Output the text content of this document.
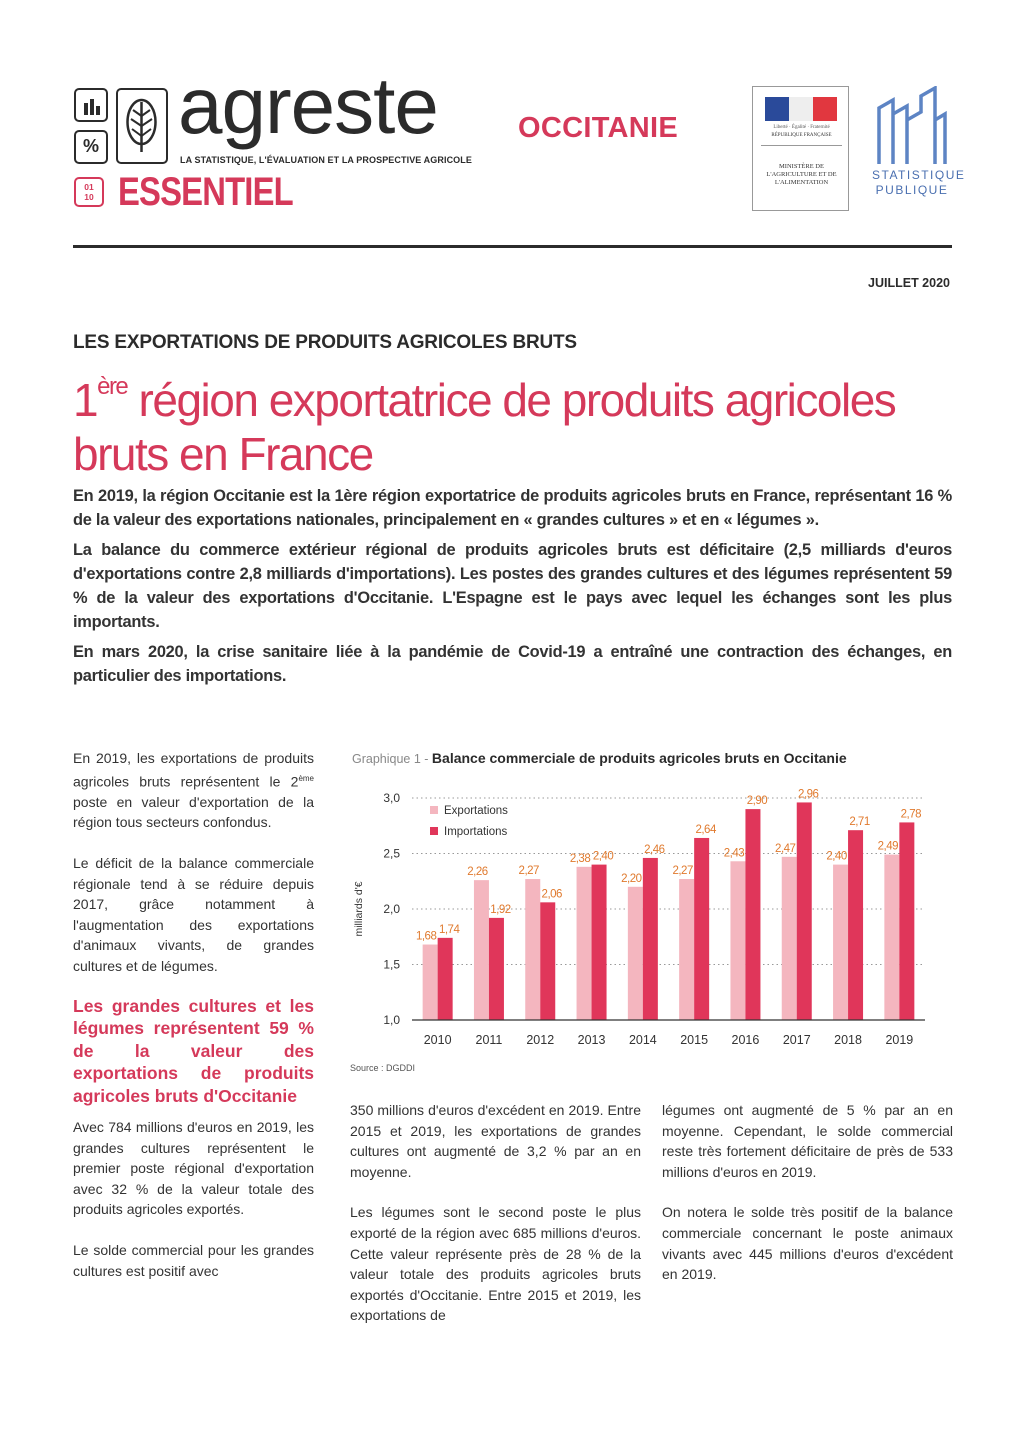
% agreste
LA STATISTIQUE, L'ÉVALUATION ET LA PROSPECTIVE AGRICOLE
01
10 ESSENTIEL
OCCITANIE	Liberté · Égalité · Fraternité
RÉPUBLIQUE FRANÇAISE
MINISTÈRE DE L'AGRICULTURE ET DE L'ALIMENTATION
STATISTIQUE PUBLIQUE
JUILLET 2020
LES EXPORTATIONS DE PRODUITS AGRICOLES BRUTS
1ère région exportatrice de produits agricoles bruts en France

En 2019, la région Occitanie est la 1ère région exportatrice de produits agricoles bruts en France, représentant 16 % de la valeur des exportations nationales, principalement en « grandes cultures » et en « légumes ».

La balance du commerce extérieur régional de produits agricoles bruts est déficitaire (2,5 milliards d'euros d'exportations contre 2,8 milliards d'importations). Les postes des grandes cultures et des légumes représentent 59 % de la valeur des exportations d'Occitanie. L'Espagne est le pays avec lequel les échanges sont les plus importants.

En mars 2020, la crise sanitaire liée à la pandémie de Covid-19 a entraîné une contraction des échanges, en particulier des importations.

En 2019, les exportations de produits agricoles bruts représentent le 2ème poste en valeur d'exportation de la région tous secteurs confondus.

Le déficit de la balance commerciale régionale tend à se réduire depuis 2017, grâce notamment à l'augmentation des exportations d'animaux vivants, de grandes cultures et de légumes.

Les grandes cultures et les légumes représentent 59 % de la valeur des exportations de produits agricoles bruts d'Occitanie

Avec 784 millions d'euros en 2019, les grandes cultures représentent le premier poste régional d'exportation avec 32 % de la valeur totale des produits agricoles exportés.

Le solde commercial pour les grandes cultures est positif avec

Graphique 1 - Balance commerciale de produits agricoles bruts en Occitanie
1,0
1,5
2,0
2,5
3,0
milliards d'€	1,68
1,74
2010
2,26
1,92
2011
2,27
2,06
2012
2,38 2,40
2013
2,20
2,46
2014
2,27
2,64
2015
2,43
2,90
2016
2,47
2,96
2017
2,40
2,71
2018
2,49
2,78
2019
Exportations
Importations
Source : DGDDI

350 millions d'euros d'excédent en 2019. Entre 2015 et 2019, les exportations de grandes cultures ont augmenté de 3,2 % par an en moyenne.

Les légumes sont le second poste le plus exporté de la région avec 685 millions d'euros. Cette valeur représente près de 28 % de la valeur totale des produits agricoles bruts exportés d'Occitanie. Entre 2015 et 2019, les exportations de

légumes ont augmenté de 5 % par an en moyenne. Cependant, le solde commercial reste très fortement déficitaire de près de 533 millions d'euros en 2019.

On notera le solde très positif de la balance commerciale concernant le poste animaux vivants avec 445 millions d'euros d'excédent en 2019.
